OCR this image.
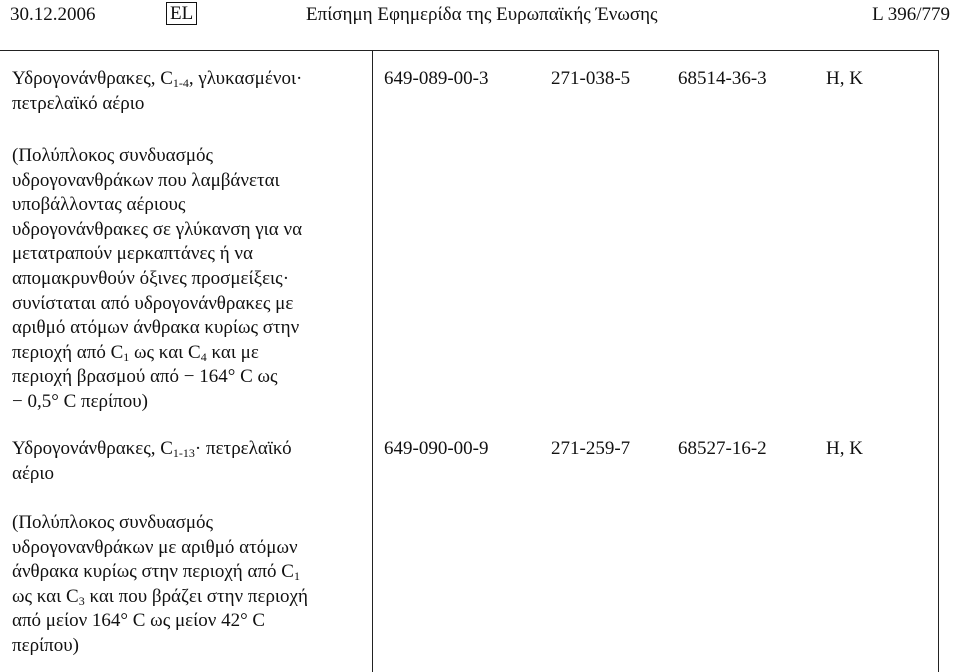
30.12.2006	EL	Επίσημη Εφημερίδα της Ευρωπαϊκής Ένωσης	L 396/779
Υδρογονάνθρακες, $C_{1-4}$, γλυκασμένοι·
πετρελαϊκό αέριο
(Πολύπλοκος συνδυασμός
υδρογονανθράκων που λαμβάνεται
υποβάλλοντας αέριους
υδρογονάνθρακες σε γλύκανση για να
μετατραπούν μερκαπτάνες ή να
απομακρυνθούν όξινες προσμείξεις·
συνίσταται από υδρογονάνθρακες με
αριθμό ατόμων άνθρακα κυρίως στην
περιοχή από $C_1$ ως και $C_4$ και με
περιοχή βρασμού από − 164° C ως
− 0,5° C περίπου)
649-089-00-3	271-038-5	68514-36-3	H, K
Υδρογονάνθρακες, $C_{1-13}\cdot \pi\varepsilon\tau\rho\varepsilon\lambda\alpha ϊ\kappa ό$
αέριο
(Πολύπλοκος συνδυασμός
υδρογονανθράκων με αριθμό ατόμων
άνθρακα κυρίως στην περιοχή από $C_1$
ως και $C_3$ και που βράζει στην περιοχή
από μείον 164° C ως μείον 42° C
περίπου)
649-090-00-9	271-259-7	68527-16-2	H, K
